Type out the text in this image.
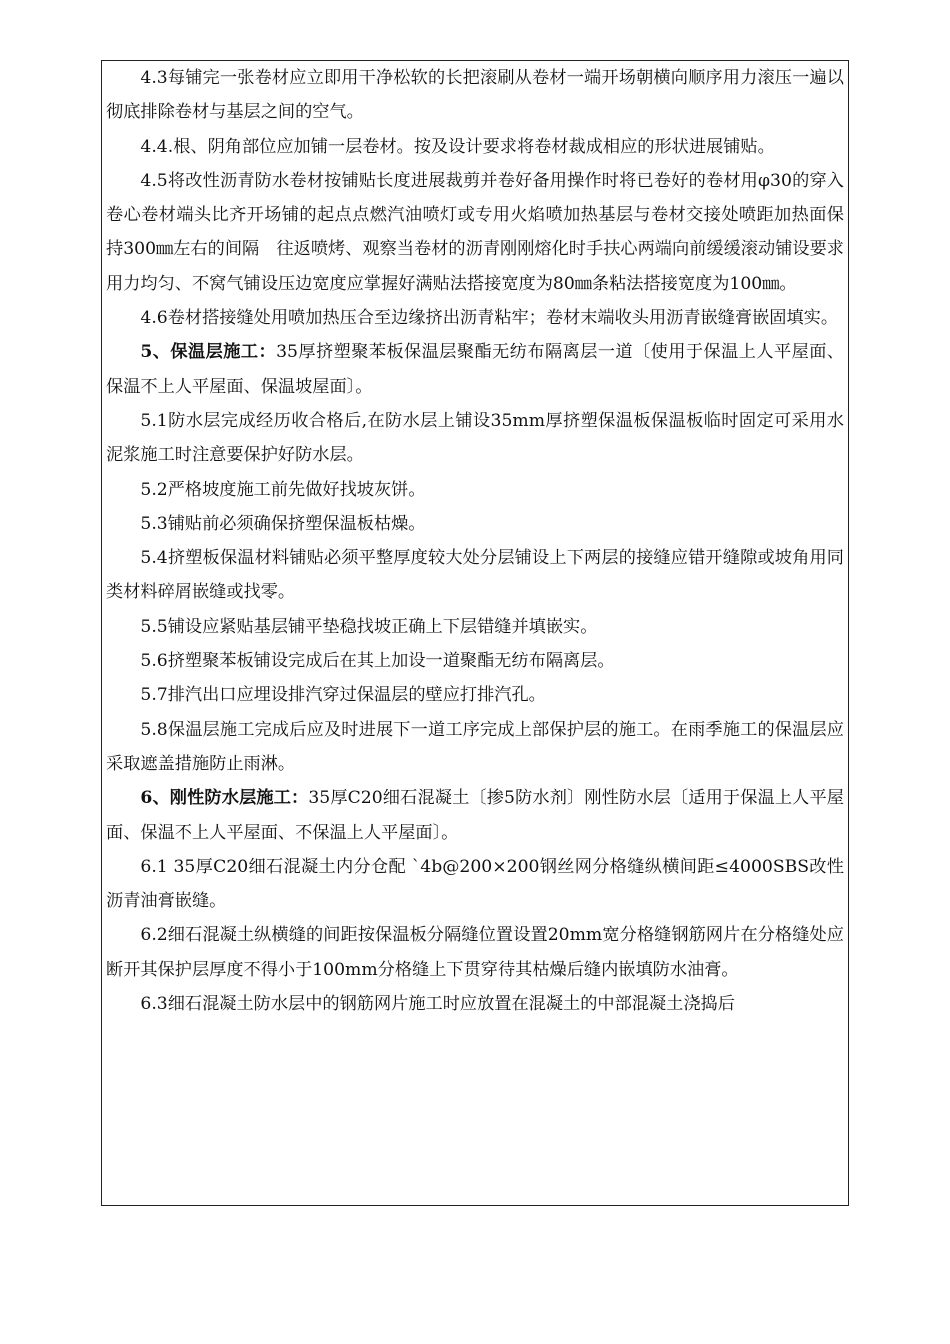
4.3每铺完一张卷材应立即用干净松软的长把滚刷从卷材一端开场朝横向顺序用力滚压一遍以彻底排除卷材与基层之间的空气。

4.4.根、阴角部位应加铺一层卷材。按及设计要求将卷材裁成相应的形状进展铺贴。

4.5将改性沥青防水卷材按铺贴长度进展裁剪并卷好备用操作时将已卷好的卷材用φ30的穿入卷心卷材端头比齐开场铺的起点点燃汽油喷灯或专用火焰喷加热基层与卷材交接处喷距加热面保持300㎜左右的间隔　往返喷烤、观察当卷材的沥青刚刚熔化时手扶心两端向前缓缓滚动铺设要求用力均匀、不窝气铺设压边宽度应掌握好满贴法搭接宽度为80㎜条粘法搭接宽度为100㎜。

4.6卷材搭接缝处用喷加热压合至边缘挤出沥青粘牢；卷材末端收头用沥青嵌缝膏嵌固填实。

5、保温层施工：35厚挤塑聚苯板保温层聚酯无纺布隔离层一道〔使用于保温上人平屋面、保温不上人平屋面、保温坡屋面〕。

5.1防水层完成经历收合格后,在防水层上铺设35mm厚挤塑保温板保温板临时固定可采用水泥浆施工时注意要保护好防水层。

5.2严格坡度施工前先做好找坡灰饼。

5.3铺贴前必须确保挤塑保温板枯燥。

5.4挤塑板保温材料铺贴必须平整厚度较大处分层铺设上下两层的接缝应错开缝隙或坡角用同类材料碎屑嵌缝或找零。

5.5铺设应紧贴基层铺平垫稳找坡正确上下层错缝并填嵌实。

5.6挤塑聚苯板铺设完成后在其上加设一道聚酯无纺布隔离层。

5.7排汽出口应埋设排汽穿过保温层的壁应打排汽孔。

5.8保温层施工完成后应及时进展下一道工序完成上部保护层的施工。在雨季施工的保温层应采取遮盖措施防止雨淋。

6、刚性防水层施工：35厚C20细石混凝土〔掺5防水剂〕刚性防水层〔适用于保温上人平屋面、保温不上人平屋面、不保温上人平屋面〕。

6.1 35厚C20细石混凝土内分仓配 `4b@200×200钢丝网分格缝纵横间距≤4000SBS改性沥青油膏嵌缝。

6.2细石混凝土纵横缝的间距按保温板分隔缝位置设置20mm宽分格缝钢筋网片在分格缝处应断开其保护层厚度不得小于100mm分格缝上下贯穿待其枯燥后缝内嵌填防水油膏。

6.3细石混凝土防水层中的钢筋网片施工时应放置在混凝土的中部混凝土浇捣后
